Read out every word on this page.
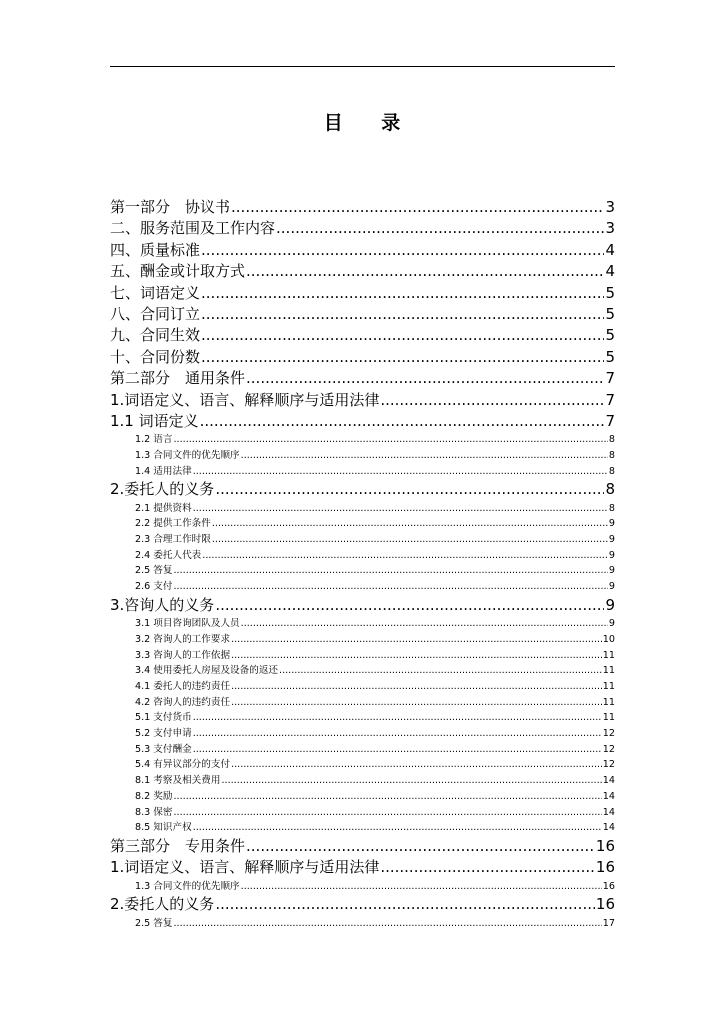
目 录
第一部分　协议书 .....	3
二、服务范围及工作内容 .....	3
四、质量标准 .....	4
五、酬金或计取方式 .....	4
七、词语定义 .....	5
八、合同订立 .....	5
九、合同生效 .....	5
十、合同份数 .....	5
第二部分　通用条件 .....	7
1.词语定义、语言、解释顺序与适用法律 .....	7
1.1 词语定义 .....	7
1.2 语言 .....	8
1.3 合同文件的优先顺序 .....	8
1.4 适用法律 .....	8
2.委托人的义务 .....	8
2.1 提供资料 .....	8
2.2 提供工作条件 .....	9
2.3 合理工作时限 .....	9
2.4 委托人代表 .....	9
2.5 答复 .....	9
2.6 支付 .....	9
3.咨询人的义务 .....	9
3.1 项目咨询团队及人员 .....	9
3.2 咨询人的工作要求 .....	10
3.3 咨询人的工作依据 .....	11
3.4 使用委托人房屋及设备的返还 .....	11
4.1 委托人的违约责任 .....	11
4.2 咨询人的违约责任 .....	11
5.1 支付货币 .....	11
5.2 支付申请 .....	12
5.3 支付酬金 .....	12
5.4 有异议部分的支付 .....	12
8.1 考察及相关费用 .....	14
8.2 奖励 .....	14
8.3 保密 .....	14
8.5 知识产权 .....	14
第三部分　专用条件 .....	16
1.词语定义、语言、解释顺序与适用法律 .....	16
1.3 合同文件的优先顺序 .....	16
2.委托人的义务 .....	16
2.5 答复 .....	17
